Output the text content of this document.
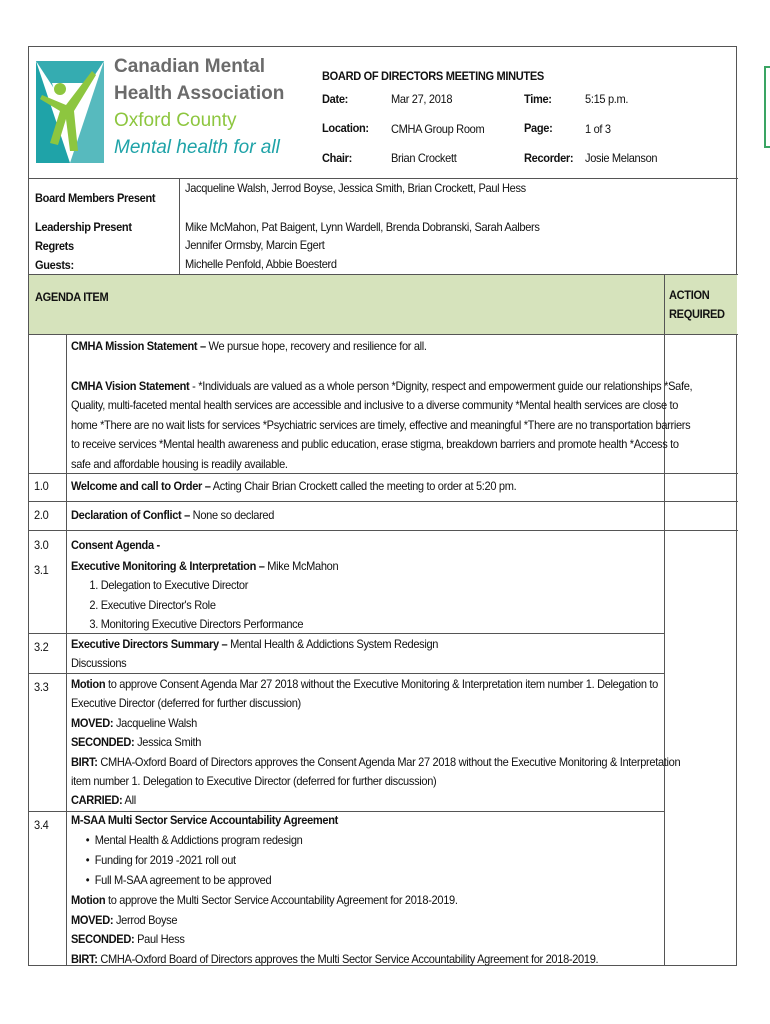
Canadian Mental
Health Association
Oxford County
Mental health for all
BOARD OF DIRECTORS MEETING MINUTES
Date:	Mar 27, 2018	Time:	5:15 p.m.
Location: CMHA Group Room	Page:	1 of 3
Chair:	Brian Crockett	Recorder: Josie Melanson
Board Members Present
Jacqueline Walsh, Jerrod Boyse, Jessica Smith, Brian Crockett, Paul Hess
Leadership Present	Mike McMahon, Pat Baigent, Lynn Wardell, Brenda Dobranski, Sarah Aalbers
Regrets	Jennifer Ormsby, Marcin Egert
Guests:	Michelle Penfold, Abbie Boesterd
AGENDA ITEM	ACTION
REQUIRED
CMHA Mission Statement – We pursue hope, recovery and resilience for all.
CMHA Vision Statement - *Individuals are valued as a whole person *Dignity, respect and empowerment guide our relationships *Safe,
Quality, multi-faceted mental health services are accessible and inclusive to a diverse community *Mental health services are close to
home *There are no wait lists for services *Psychiatric services are timely, effective and meaningful *There are no transportation barriers
to receive services *Mental health awareness and public education, erase stigma, breakdown barriers and promote health *Access to
safe and affordable housing is readily available.
1.0 Welcome and call to Order – Acting Chair Brian Crockett called the meeting to order at 5:20 pm.
2.0 Declaration of Conflict – None so declared
3.0 Consent Agenda -
3.1 Executive Monitoring & Interpretation – Mike McMahon
1. Delegation to Executive Director
2. Executive Director's Role
3. Monitoring Executive Directors Performance
3.2 Executive Directors Summary – Mental Health & Addictions System Redesign
Discussions
3.3 Motion to approve Consent Agenda Mar 27 2018 without the Executive Monitoring & Interpretation item number 1. Delegation to
Executive Director (deferred for further discussion)
MOVED: Jacqueline Walsh
SECONDED: Jessica Smith
BIRT: CMHA-Oxford Board of Directors approves the Consent Agenda Mar 27 2018 without the Executive Monitoring & Interpretation
item number 1. Delegation to Executive Director (deferred for further discussion)
CARRIED: All
3.4 M-SAA Multi Sector Service Accountability Agreement
• Mental Health & Addictions program redesign
• Funding for 2019 -2021 roll out
• Full M-SAA agreement to be approved
Motion to approve the Multi Sector Service Accountability Agreement for 2018-2019.
MOVED: Jerrod Boyse
SECONDED: Paul Hess
BIRT: CMHA-Oxford Board of Directors approves the Multi Sector Service Accountability Agreement for 2018-2019.
